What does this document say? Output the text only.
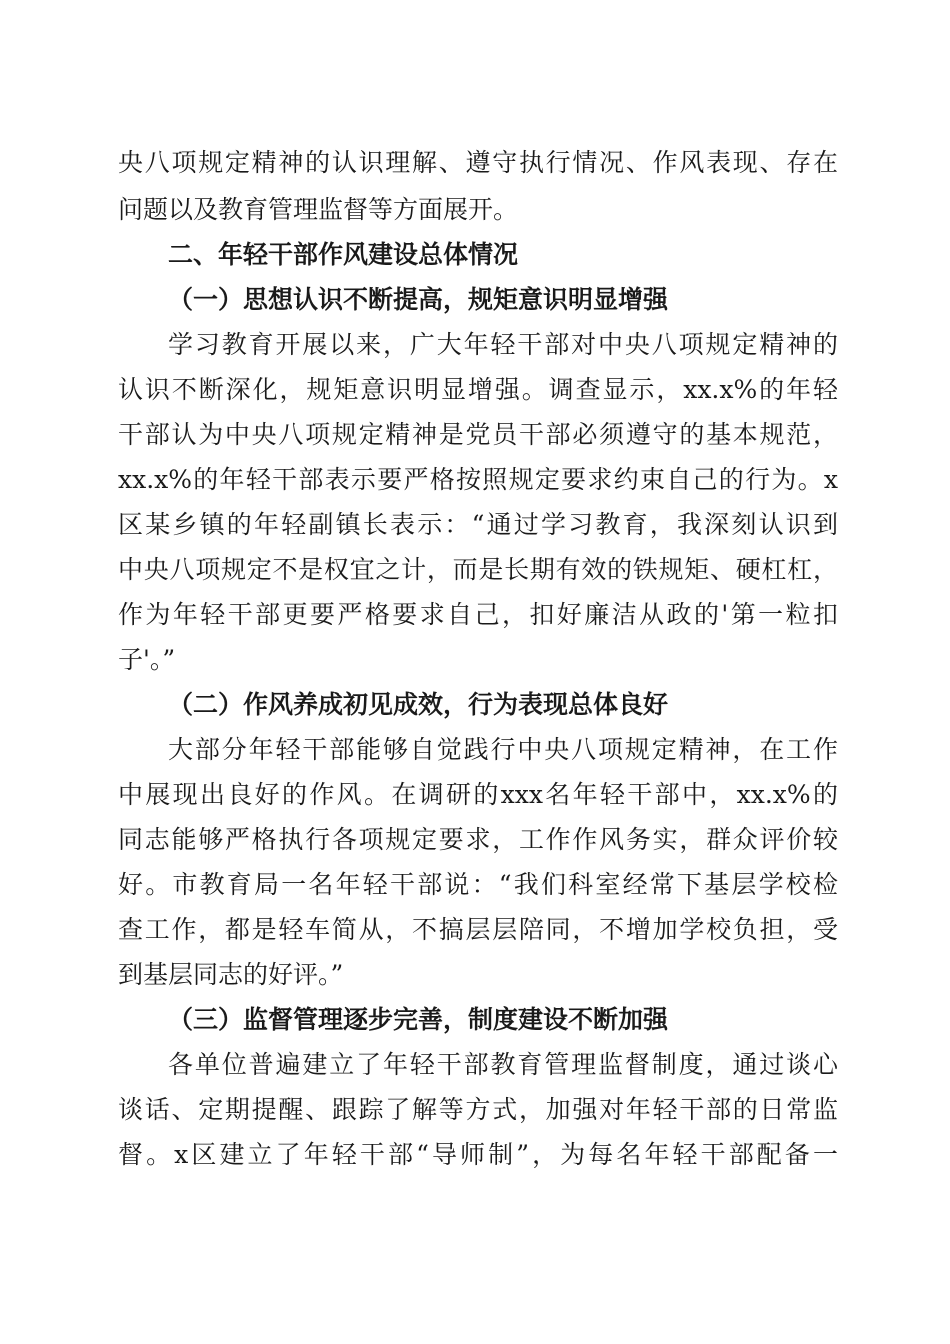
央八项规定精神的认识理解、遵守执行情况、作风表现、存在
问题以及教育管理监督等方面展开。
二、年轻干部作风建设总体情况
（一）思想认识不断提高，规矩意识明显增强
学习教育开展以来，广大年轻干部对中央八项规定精神的
认识不断深化，规矩意识明显增强。调查显示，xx.x%的年轻
干部认为中央八项规定精神是党员干部必须遵守的基本规范，
xx.x%的年轻干部表示要严格按照规定要求约束自己的行为。x
区某乡镇的年轻副镇长表示：“通过学习教育，我深刻认识到
中央八项规定不是权宜之计，而是长期有效的铁规矩、硬杠杠，
作为年轻干部更要严格要求自己，扣好廉洁从政的'第一粒扣
子'。”
（二）作风养成初见成效，行为表现总体良好
大部分年轻干部能够自觉践行中央八项规定精神，在工作
中展现出良好的作风。在调研的xxx名年轻干部中，xx.x%的
同志能够严格执行各项规定要求，工作作风务实，群众评价较
好。市教育局一名年轻干部说：“我们科室经常下基层学校检
查工作，都是轻车简从，不搞层层陪同，不增加学校负担，受
到基层同志的好评。”
（三）监督管理逐步完善，制度建设不断加强
各单位普遍建立了年轻干部教育管理监督制度，通过谈心
谈话、定期提醒、跟踪了解等方式，加强对年轻干部的日常监
督。x区建立了年轻干部“导师制”，为每名年轻干部配备一
